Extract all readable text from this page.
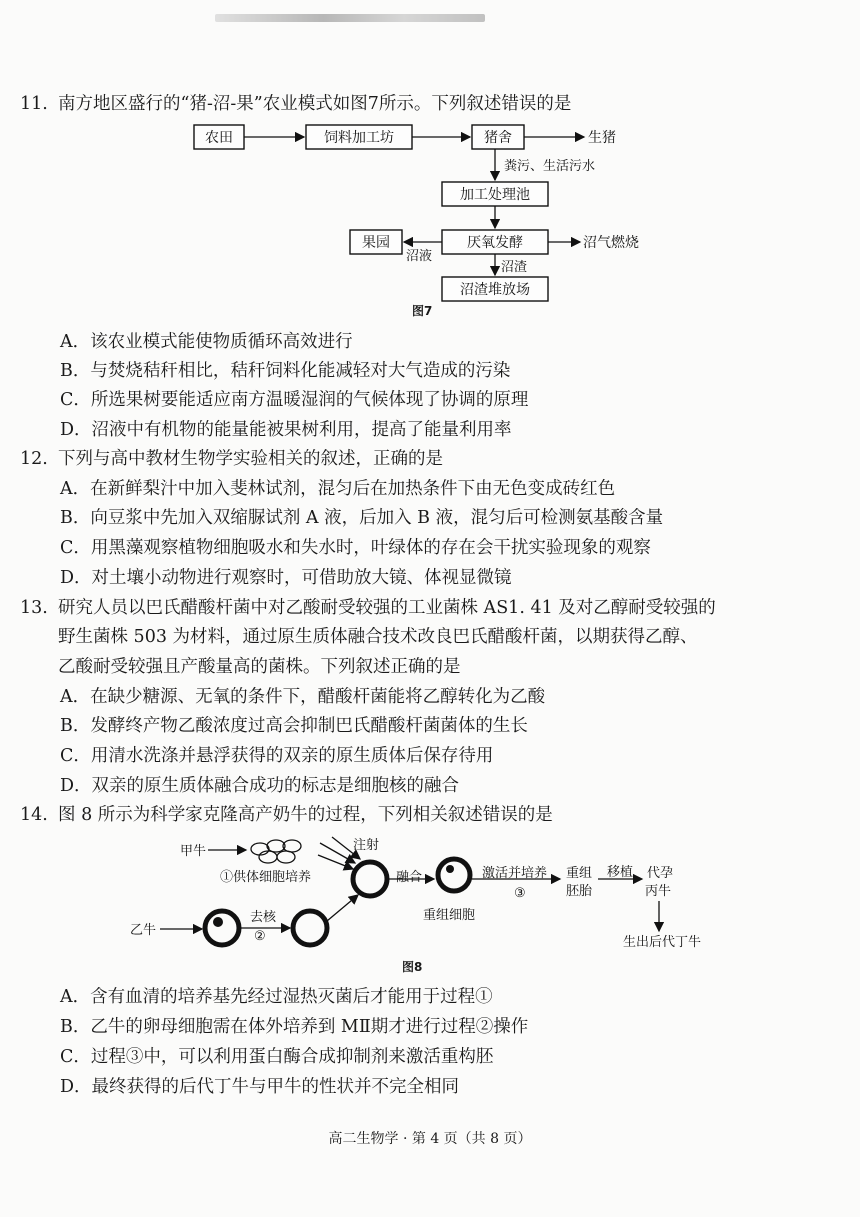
11. 南方地区盛行的“猪-沼-果”农业模式如图7所示。下列叙述错误的是
农田	饲料加工坊	猪舍	生猪
粪污、生活污水
加工处理池
厌氧发酵	沼气燃烧
果园
沼液
沼渣
沼渣堆放场
图7
A．该农业模式能使物质循环高效进行
B．与焚烧秸秆相比，秸秆饲料化能减轻对大气造成的污染
C．所选果树要能适应南方温暖湿润的气候体现了协调的原理
D．沼液中有机物的能量能被果树利用，提高了能量利用率
12. 下列与高中教材生物学实验相关的叙述，正确的是
A．在新鲜梨汁中加入斐林试剂，混匀后在加热条件下由无色变成砖红色
B．向豆浆中先加入双缩脲试剂 A 液，后加入 B 液，混匀后可检测氨基酸含量
C．用黑藻观察植物细胞吸水和失水时，叶绿体的存在会干扰实验现象的观察
D．对土壤小动物进行观察时，可借助放大镜、体视显微镜
13. 研究人员以巴氏醋酸杆菌中对乙酸耐受较强的工业菌株 AS1. 41 及对乙醇耐受较强的
野生菌株 503 为材料，通过原生质体融合技术改良巴氏醋酸杆菌，以期获得乙醇、
乙酸耐受较强且产酸量高的菌株。下列叙述正确的是
A．在缺少糖源、无氧的条件下，醋酸杆菌能将乙醇转化为乙酸
B．发酵终产物乙酸浓度过高会抑制巴氏醋酸杆菌菌体的生长
C．用清水洗涤并悬浮获得的双亲的原生质体后保存待用
D．双亲的原生质体融合成功的标志是细胞核的融合
14. 图 8 所示为科学家克隆高产奶牛的过程，下列相关叙述错误的是
甲牛
①供体细胞培养
注射
融合	激活并培养
③
重组
胚胎
移植 代孕
丙牛
乙牛
去核
②
重组细胞
生出后代丁牛
图8
A．含有血清的培养基先经过湿热灭菌后才能用于过程①
B．乙牛的卵母细胞需在体外培养到 MⅡ期才进行过程②操作
C．过程③中，可以利用蛋白酶合成抑制剂来激活重构胚
D．最终获得的后代丁牛与甲牛的性状并不完全相同
高二生物学 · 第 4 页（共 8 页）
